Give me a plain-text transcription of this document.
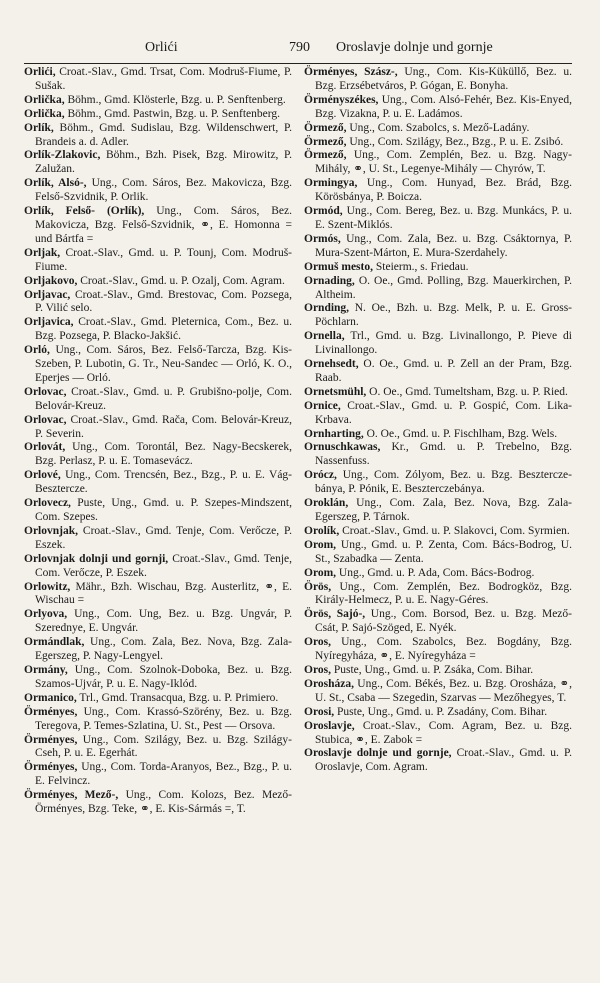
Orlići	790 Oroslavje dolnje und gornje

Orlići, Croat.-Slav., Gmd. Trsat, Com. Modruš-Fiume, P. Sušak.

Orlička, Böhm., Gmd. Klösterle, Bzg. u. P. Senftenberg.

Orlička, Böhm., Gmd. Pastwin, Bzg. u. P. Senftenberg.

Orlík, Böhm., Gmd. Sudislau, Bzg. Wildenschwert, P. Brandeis a. d. Adler.

Orlík-Zlakovic, Böhm., Bzh. Pisek, Bzg. Mirowitz, P. Zalužan.

Orlík, Alsó-, Ung., Com. Sáros, Bez. Makovicza, Bzg. Felső-Szvidnik, P. Orlik.

Orlík, Felső- (Orlík), Ung., Com. Sáros, Bez. Makovicza, Bzg. Felső-Szvidnik, ⚭, E. Homonna = und Bártfa =

Orljak, Croat.-Slav., Gmd. u. P. Tounj, Com. Modruš-Fiume.

Orljakovo, Croat.-Slav., Gmd. u. P. Ozalj, Com. Agram.

Orljavac, Croat.-Slav., Gmd. Brestovac, Com. Pozsega, P. Vilić selo.

Orljavica, Croat.-Slav., Gmd. Pleternica, Com., Bez. u. Bzg. Pozsega, P. Blacko-Jakšić.

Orló, Ung., Com. Sáros, Bez. Felső-Tarcza, Bzg. Kis-Szeben, P. Lubotin, G. Tr., Neu-Sandec — Orló, K. O., Eperjes — Orló.

Orlovac, Croat.-Slav., Gmd. u. P. Grubišno-polje, Com. Belovár-Kreuz.

Orlovac, Croat.-Slav., Gmd. Rača, Com. Belovár-Kreuz, P. Severin.

Orlovát, Ung., Com. Torontál, Bez. Nagy-Becskerek, Bzg. Perlasz, P. u. E. Tomasevácz.

Orlové, Ung., Com. Trencsén, Bez., Bzg., P. u. E. Vág-Besztercze.

Orlovecz, Puste, Ung., Gmd. u. P. Szepes-Mindszent, Com. Szepes.

Orlovnjak, Croat.-Slav., Gmd. Tenje, Com. Verőcze, P. Eszek.

Orlovnjak dolnji und gornji, Croat.-Slav., Gmd. Tenje, Com. Verőcze, P. Eszek.

Orlowitz, Mähr., Bzh. Wischau, Bzg. Austerlitz, ⚭, E. Wischau =

Orlyova, Ung., Com. Ung, Bez. u. Bzg. Ungvár, P. Szerednye, E. Ungvár.

Ormándlak, Ung., Com. Zala, Bez. Nova, Bzg. Zala-Egerszeg, P. Nagy-Lengyel.

Ormány, Ung., Com. Szolnok-Doboka, Bez. u. Bzg. Szamos-Ujvár, P. u. E. Nagy-Iklód.

Ormanico, Trl., Gmd. Transacqua, Bzg. u. P. Primiero.

Örményes, Ung., Com. Krassó-Szörény, Bez. u. Bzg. Teregova, P. Temes-Szlatina, U. St., Pest — Orsova.

Örményes, Ung., Com. Szilágy, Bez. u. Bzg. Szilágy-Cseh, P. u. E. Egerhát.

Örményes, Ung., Com. Torda-Aranyos, Bez., Bzg., P. u. E. Felvincz.

Örményes, Mező-, Ung., Com. Kolozs, Bez. Mező-Örményes, Bzg. Teke, ⚭, E. Kis-Sármás =, T.

Örményes, Szász-, Ung., Com. Kis-Küküllő, Bez. u. Bzg. Erzsébetváros, P. Gógan, E. Bonyha.

Örményszékes, Ung., Com. Alsó-Fehér, Bez. Kis-Enyed, Bzg. Vizakna, P. u. E. Ladámos.

Örmező, Ung., Com. Szabolcs, s. Mező-Ladány.

Örmező, Ung., Com. Szilágy, Bez., Bzg., P. u. E. Zsibó.

Örmező, Ung., Com. Zemplén, Bez. u. Bzg. Nagy-Mihály, ⚭, U. St., Legenye-Mihály — Chyrów, T.

Ormingya, Ung., Com. Hunyad, Bez. Brád, Bzg. Körösbánya, P. Boicza.

Ormód, Ung., Com. Bereg, Bez. u. Bzg. Munkács, P. u. E. Szent-Miklós.

Ormós, Ung., Com. Zala, Bez. u. Bzg. Csáktornya, P. Mura-Szent-Márton, E. Mura-Szerdahely.

Ormuš mesto, Steierm., s. Friedau.

Ornading, O. Oe., Gmd. Polling, Bzg. Mauerkirchen, P. Altheim.

Ornding, N. Oe., Bzh. u. Bzg. Melk, P. u. E. Gross-Pöchlarn.

Ornella, Trl., Gmd. u. Bzg. Livinallongo, P. Pieve di Livinallongo.

Ornehsedt, O. Oe., Gmd. u. P. Zell an der Pram, Bzg. Raab.

Ornetsmühl, O. Oe., Gmd. Tumeltsham, Bzg. u. P. Ried.

Ornice, Croat.-Slav., Gmd. u. P. Gospić, Com. Lika-Krbava.

Ornharting, O. Oe., Gmd. u. P. Fischlham, Bzg. Wels.

Ornuschkawas, Kr., Gmd. u. P. Trebelno, Bzg. Nassenfuss.

Orócz, Ung., Com. Zólyom, Bez. u. Bzg. Beszterczebánya, P. Pónik, E. Beszterczebánya.

Oroklán, Ung., Com. Zala, Bez. Nova, Bzg. Zala-Egerszeg, P. Tárnok.

Orolík, Croat.-Slav., Gmd. u. P. Slakovci, Com. Syrmien.

Orom, Ung., Gmd. u. P. Zenta, Com. Bács-Bodrog, U. St., Szabadka — Zenta.

Orom, Ung., Gmd. u. P. Ada, Com. Bács-Bodrog.

Örös, Ung., Com. Zemplén, Bez. Bodrogköz, Bzg. Király-Helmecz, P. u. E. Nagy-Géres.

Örös, Sajó-, Ung., Com. Borsod, Bez. u. Bzg. Mező-Csát, P. Sajó-Szöged, E. Nyék.

Oros, Ung., Com. Szabolcs, Bez. Bogdány, Bzg. Nyíregyháza, ⚭, E. Nyíregyháza =

Oros, Puste, Ung., Gmd. u. P. Zsáka, Com. Bihar.

Orosháza, Ung., Com. Békés, Bez. u. Bzg. Orosháza, ⚭, U. St., Csaba — Szegedin, Szarvas — Mezőhegyes, T.

Orosi, Puste, Ung., Gmd. u. P. Zsadány, Com. Bihar.

Oroslavje, Croat.-Slav., Com. Agram, Bez. u. Bzg. Stubica, ⚭, E. Zabok =

Oroslavje dolnje und gornje, Croat.-Slav., Gmd. u. P. Oroslavje, Com. Agram.
